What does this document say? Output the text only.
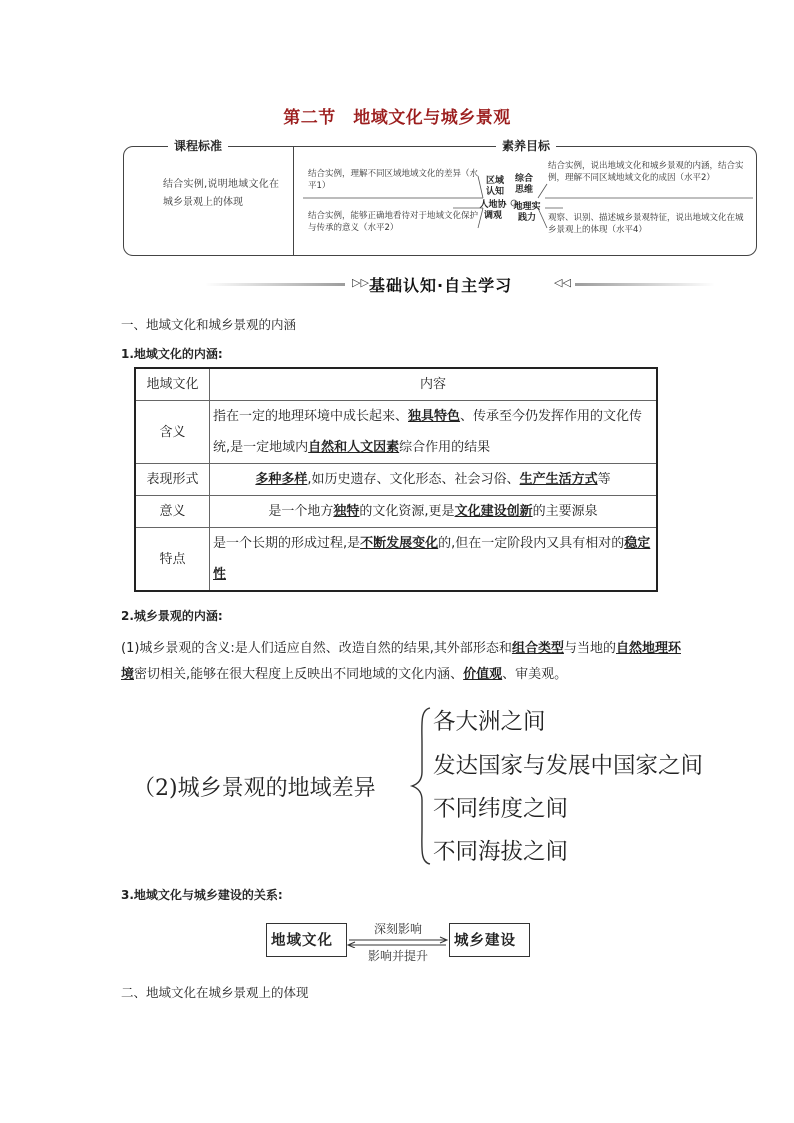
第二节　地域文化与城乡景观
课程标准	素养目标
结合实例,说明地域文化在城乡景观上的体现
结合实例，理解不同区域地域文化的差异（水平1）
结合实例，说出地域文化和城乡景观的内涵，结合实例，理解不同区域地域文化的成因（水平2）
结合实例，能够正确地看待对于地域文化保护与传承的意义（水平2）
观察、识别、描述城乡景观特征，说出地域文化在城乡景观上的体现（水平4）
区域认知
综合思维
人地协调观
地理实践力
▷▷ 基础认知·自主学习	◁◁
一、地域文化和城乡景观的内涵
1.地域文化的内涵:
地域文化	内容
含义	指在一定的地理环境中成长起来、独具特色、传承至今仍发挥作用的文化传统,是一定地域内自然和人文因素综合作用的结果
表现形式	多种多样,如历史遗存、文化形态、社会习俗、生产生活方式等
意义	是一个地方独特的文化资源,更是文化建设创新的主要源泉
特点	是一个长期的形成过程,是不断发展变化的,但在一定阶段内又具有相对的稳定性
2.城乡景观的内涵:
(1)城乡景观的含义:是人们适应自然、改造自然的结果,其外部形态和组合类型与当地的自然地理环境密切相关,能够在很大程度上反映出不同地域的文化内涵、价值观、审美观。
（2)城乡景观的地域差异
各大洲之间
发达国家与发展中国家之间
不同纬度之间
不同海拔之间
3.地域文化与城乡建设的关系:
地域文化
深刻影响
影响并提升
城乡建设
二、地域文化在城乡景观上的体现
